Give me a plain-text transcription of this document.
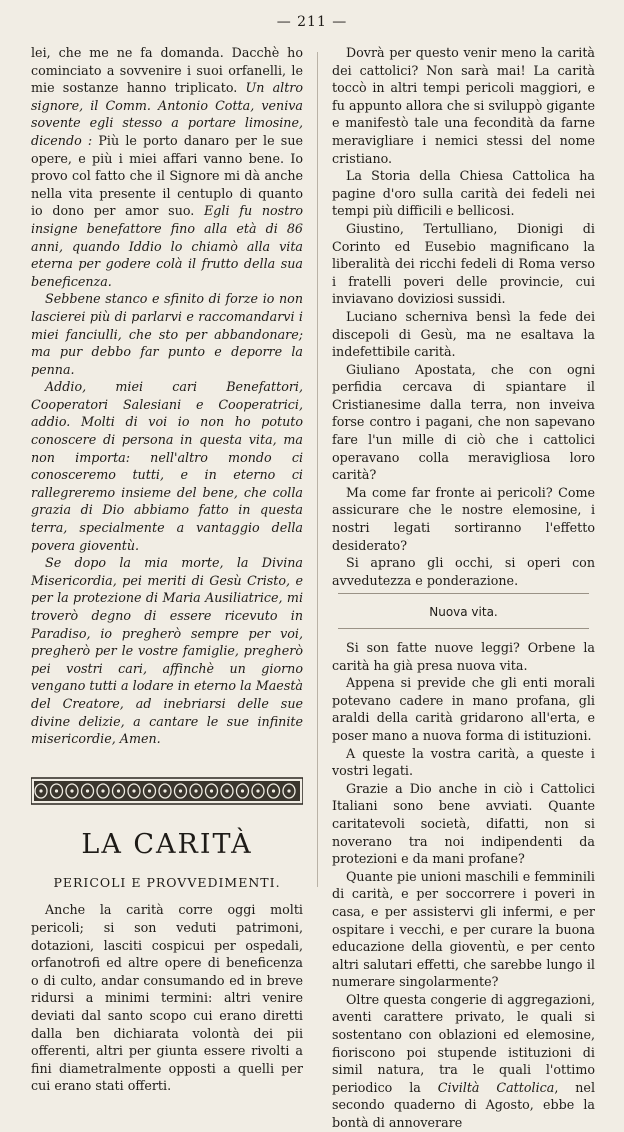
— 211 —

lei, che me ne fa domanda. Dacchè ho cominciato a sovvenire i suoi orfanelli, le mie sostanze hanno triplicato. Un altro signore, il Comm. Antonio Cotta, veniva sovente egli stesso a portare limosine, dicendo : Più le porto danaro per le sue opere, e più i miei affari vanno bene. Io provo col fatto che il Signore mi dà anche nella vita presente il centuplo di quanto io dono per amor suo. Egli fu nostro insigne benefattore fino alla età di 86 anni, quando Iddio lo chiamò alla vita eterna per godere colà il frutto della sua beneficenza.

Sebbene stanco e sfinito di forze io non lascierei più di parlarvi e raccomandarvi i miei fanciulli, che sto per abbandonare; ma pur debbo far punto e deporre la penna.

Addio, miei cari Benefattori, Cooperatori Salesiani e Cooperatrici, addio. Molti di voi io non ho potuto conoscere di persona in questa vita, ma non importa: nell'altro mondo ci conosceremo tutti, e in eterno ci rallegreremo insieme del bene, che colla grazia di Dio abbiamo fatto in questa terra, specialmente a vantaggio della povera gioventù.

Se dopo la mia morte, la Divina Misericordia, pei meriti di Gesù Cristo, e per la protezione di Maria Ausiliatrice, mi troverò degno di essere ricevuto in Paradiso, io pregherò sempre per voi, pregherò per le vostre famiglie, pregherò pei vostri cari, affinchè un giorno vengano tutti a lodare in eterno la Maestà del Creatore, ad inebriarsi delle sue divine delizie, a cantare le sue infinite misericordie, Amen.

LA CARITÀ
PERICOLI E PROVVEDIMENTI.

Anche la carità corre oggi molti pericoli; si son veduti patrimoni, dotazioni, lasciti cospicui per ospedali, orfanotrofi ed altre opere di beneficenza o di culto, andar consumando ed in breve ridursi a minimi termini: altri venire deviati dal santo scopo cui erano diretti dalla ben dichiarata volontà dei pii offerenti, altri per giunta essere rivolti a fini diametralmente opposti a quelli per cui erano stati offerti.

Dovrà per questo venir meno la carità dei cattolici? Non sarà mai! La carità toccò in altri tempi pericoli maggiori, e fu appunto allora che si sviluppò gigante e manifestò tale una fecondità da farne meravigliare i nemici stessi del nome cristiano.

La Storia della Chiesa Cattolica ha pagine d'oro sulla carità dei fedeli nei tempi più difficili e bellicosi.

Giustino, Tertulliano, Dionigi di Corinto ed Eusebio magnificano la liberalità dei ricchi fedeli di Roma verso i fratelli poveri delle provincie, cui inviavano doviziosi sussidi.

Luciano scherniva bensì la fede dei discepoli di Gesù, ma ne esaltava la indefettibile carità.

Giuliano Apostata, che con ogni perfidia cercava di spiantare il Cristianesime dalla terra, non inveiva forse contro i pagani, che non sapevano fare l'un mille di ciò che i cattolici operavano colla meravigliosa loro carità?

Ma come far fronte ai pericoli? Come assicurare che le nostre elemosine, i nostri legati sortiranno l'effetto desiderato?

Si aprano gli occhi, si operi con avvedutezza e ponderazione.

Nuova vita.

Si son fatte nuove leggi? Orbene la carità ha già presa nuova vita.

Appena si previde che gli enti morali potevano cadere in mano profana, gli araldi della carità gridarono all'erta, e poser mano a nuova forma di istituzioni.

A queste la vostra carità, a queste i vostri legati.

Grazie a Dio anche in ciò i Cattolici Italiani sono bene avviati. Quante caritatevoli società, difatti, non si noverano tra noi indipendenti da protezioni e da mani profane?

Quante pie unioni maschili e femminili di carità, e per soccorrere i poveri in casa, e per assistervi gli infermi, e per ospitare i vecchi, e per curare la buona educazione della gioventù, e per cento altri salutari effetti, che sarebbe lungo il numerare singolarmente?

Oltre questa congerie di aggregazioni, aventi carattere privato, le quali si sostentano con oblazioni ed elemosine, fioriscono poi stupende istituzioni di simil natura, tra le quali l'ottimo periodico la Civiltà Cattolica, nel secondo quaderno di Agosto, ebbe la bontà di annoverare
